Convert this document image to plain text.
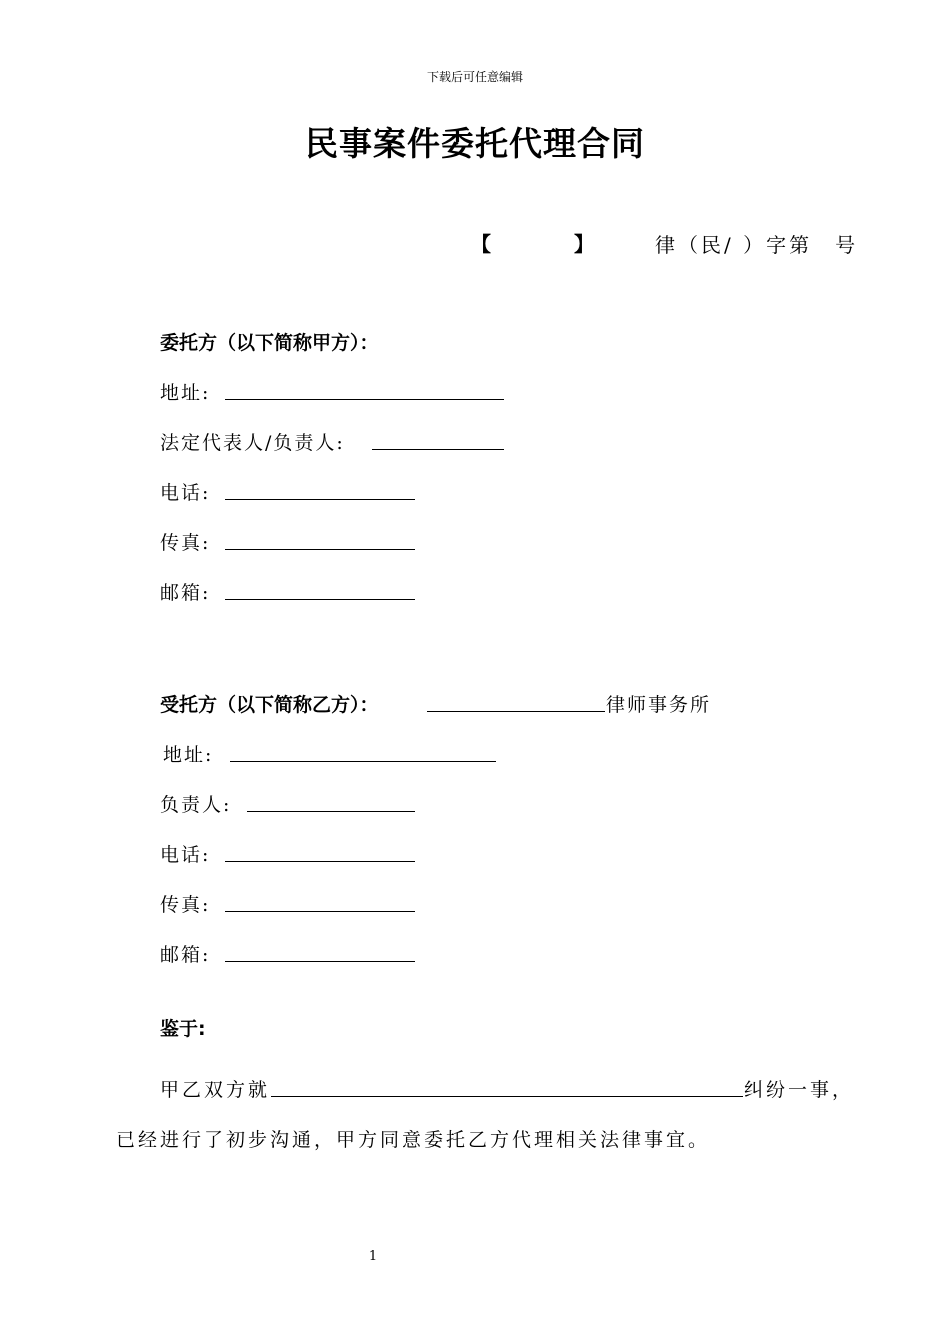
下载后可任意编辑
民事案件委托代理合同
【	】	律（民/ ）字第　号
委托方（以下简称甲方）：
地址:
法定代表人/负责人:
电话:
传真:
邮箱:
受托方（以下简称乙方）：	律师事务所
地址:
负责人:
电话:
传真:
邮箱:
鉴于:
甲乙双方就	纠纷一事，
已经进行了初步沟通，甲方同意委托乙方代理相关法律事宜。
1
